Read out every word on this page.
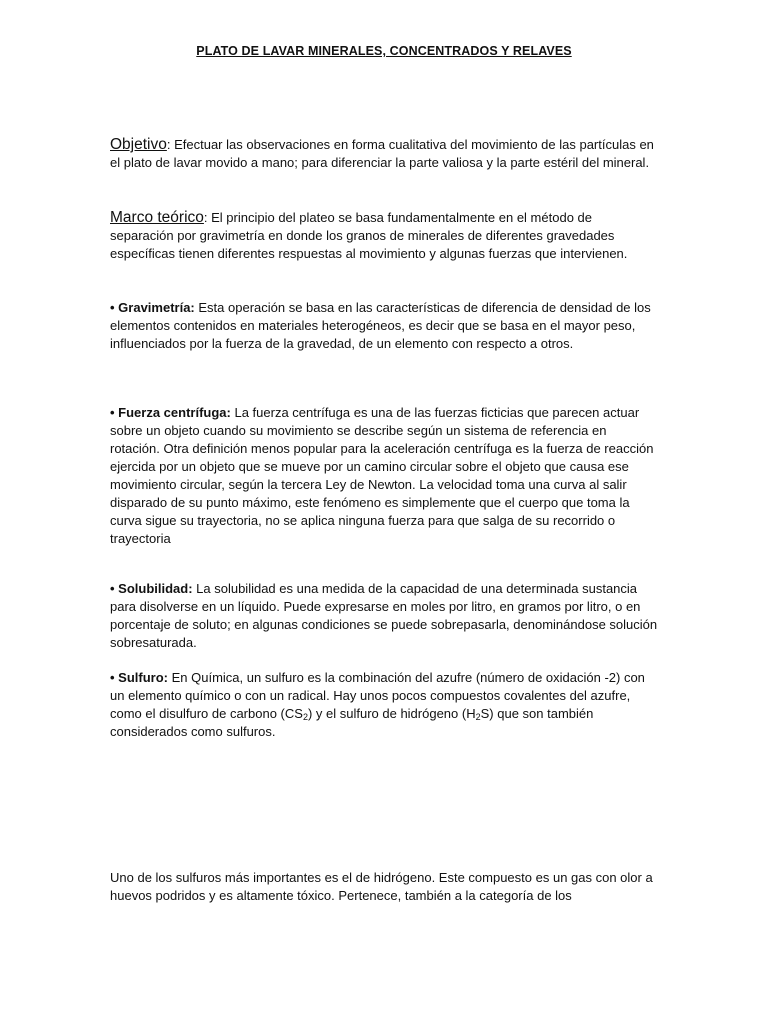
PLATO DE LAVAR MINERALES, CONCENTRADOS Y RELAVES
Objetivo: Efectuar las observaciones en forma cualitativa del movimiento de las partículas en el plato de lavar movido a mano; para diferenciar la parte valiosa y la parte estéril del mineral.
Marco teórico: El principio del plateo se basa fundamentalmente en el método de separación por gravimetría en donde los granos de minerales de diferentes gravedades específicas tienen diferentes respuestas al movimiento y algunas fuerzas que intervienen.
• Gravimetría: Esta operación se basa en las características de diferencia de densidad de los elementos contenidos en materiales heterogéneos, es decir que se basa en el mayor peso, influenciados por la fuerza de la gravedad, de un elemento con respecto a otros.
• Fuerza centrífuga: La fuerza centrífuga es una de las fuerzas ficticias que parecen actuar sobre un objeto cuando su movimiento se describe según un sistema de referencia en rotación. Otra definición menos popular para la aceleración centrífuga es la fuerza de reacción ejercida por un objeto que se mueve por un camino circular sobre el objeto que causa ese movimiento circular, según la tercera Ley de Newton. La velocidad toma una curva al salir disparado de su punto máximo, este fenómeno es simplemente que el cuerpo que toma la curva sigue su trayectoria, no se aplica ninguna fuerza para que salga de su recorrido o trayectoria
• Solubilidad: La solubilidad es una medida de la capacidad de una determinada sustancia para disolverse en un líquido. Puede expresarse en moles por litro, en gramos por litro, o en porcentaje de soluto; en algunas condiciones se puede sobrepasarla, denominándose solución sobresaturada.
• Sulfuro: En Química, un sulfuro es la combinación del azufre (número de oxidación -2) con un elemento químico o con un radical. Hay unos pocos compuestos covalentes del azufre, como el disulfuro de carbono $(CS_2)$ y el sulfuro de hidrógeno $(H_2S)$ que son también considerados como sulfuros.
Uno de los sulfuros más importantes es el de hidrógeno. Este compuesto es un gas con olor a huevos podridos y es altamente tóxico. Pertenece, también a la categoría de los
